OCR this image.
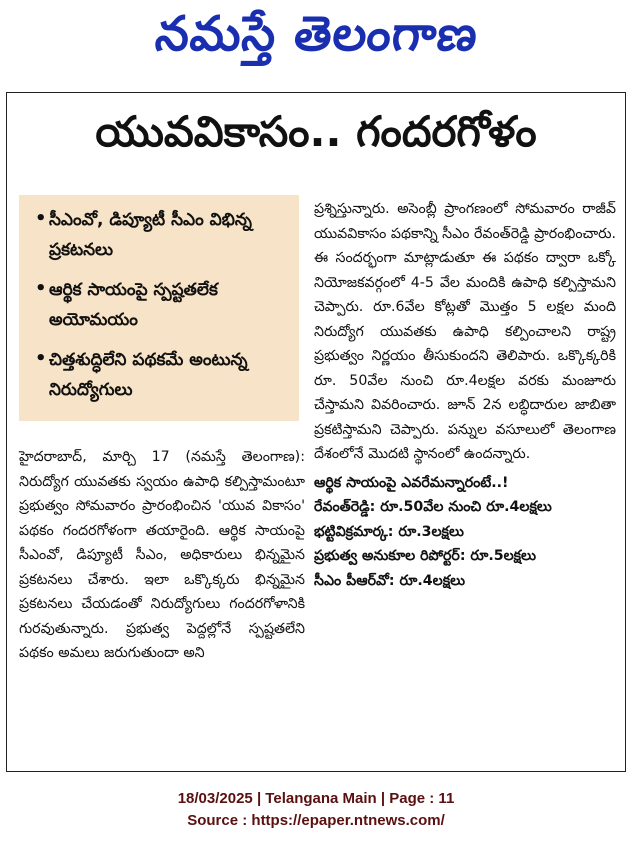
నమస్తే తెలంగాణ
యువవికాసం.. గందరగోళం
• సీఎంవో, డిప్యూటీ సీఎం విభిన్న ప్రకటనలు
• ఆర్థిక సాయంపై స్పష్టతలేక అయోమయం
• చిత్తశుద్ధిలేని పథకమే అంటున్న నిరుద్యోగులు

హైదరాబాద్, మార్చి 17 (నమస్తే తెలంగాణ): నిరుద్యోగ యువతకు స్వయం ఉపాధి కల్పిస్తామంటూ ప్రభుత్వం సోమవారం ప్రారంభించిన 'యువ వికాసం' పథకం గందరగోళంగా తయారైంది. ఆర్థిక సాయంపై సీఎంవో, డిప్యూటీ సీఎం, అధికారులు భిన్నమైన ప్రకటనలు చేశారు. ఇలా ఒక్కొక్కరు భిన్నమైన ప్రకటనలు చేయడంతో నిరుద్యోగులు గందరగోళానికి గురవుతున్నారు. ప్రభుత్వ పెద్దల్లోనే స్పష్టతలేని పథకం అమలు జరుగుతుందా అని

ప్రశ్నిస్తున్నారు. అసెంబ్లీ ప్రాంగణంలో సోమవారం రాజీవ్ యువవికాసం పథకాన్ని సీఎం రేవంత్‌రెడ్డి ప్రారంభించారు. ఈ సందర్భంగా మాట్లాడుతూ ఈ పథకం ద్వారా ఒక్కో నియోజకవర్గంలో 4-5 వేల మందికి ఉపాధి కల్పిస్తామని చెప్పారు. రూ.6వేల కోట్లతో మొత్తం 5 లక్షల మంది నిరుద్యోగ యువతకు ఉపాధి కల్పించాలని రాష్ట్ర ప్రభుత్వం నిర్ణయం తీసుకుందని తెలిపారు. ఒక్కొక్కరికి రూ. 50వేల నుంచి రూ.4లక్షల వరకు మంజూరు చేస్తామని వివరించారు. జూన్ 2న లబ్ధిదారుల జాబితా ప్రకటిస్తామని చెప్పారు. పన్నుల వసూలులో తెలంగాణ దేశంలోనే మొదటి స్థానంలో ఉందన్నారు.

ఆర్థిక సాయంపై ఎవరేమన్నారంటే..!

రేవంత్‌రెడ్డి: రూ.50వేల నుంచి రూ.4లక్షలు

భట్టివిక్రమార్క: రూ.3లక్షలు

ప్రభుత్వ అనుకూల రిపోర్టర్: రూ.5లక్షలు

సీఎం పీఆర్‌వో: రూ.4లక్షలు

18/03/2025 | Telangana Main | Page : 11
Source : https://epaper.ntnews.com/
